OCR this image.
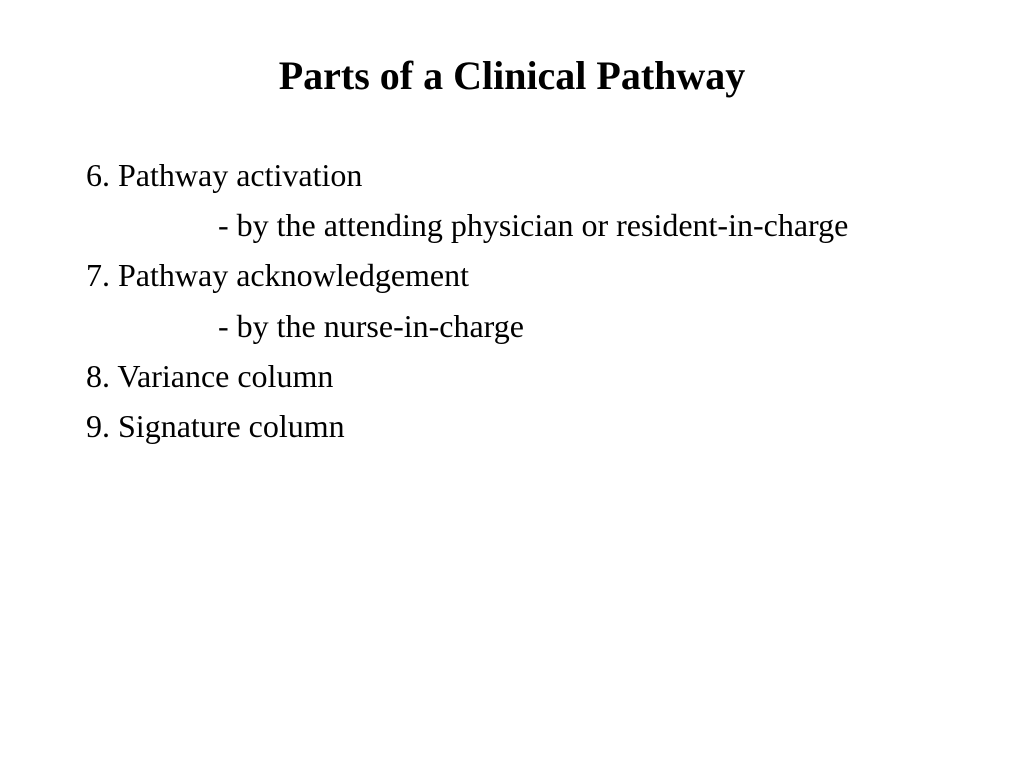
Parts of a Clinical Pathway
6. Pathway activation
- by the attending physician or resident-in-charge
7. Pathway acknowledgement
- by the nurse-in-charge
8. Variance column
9. Signature column
